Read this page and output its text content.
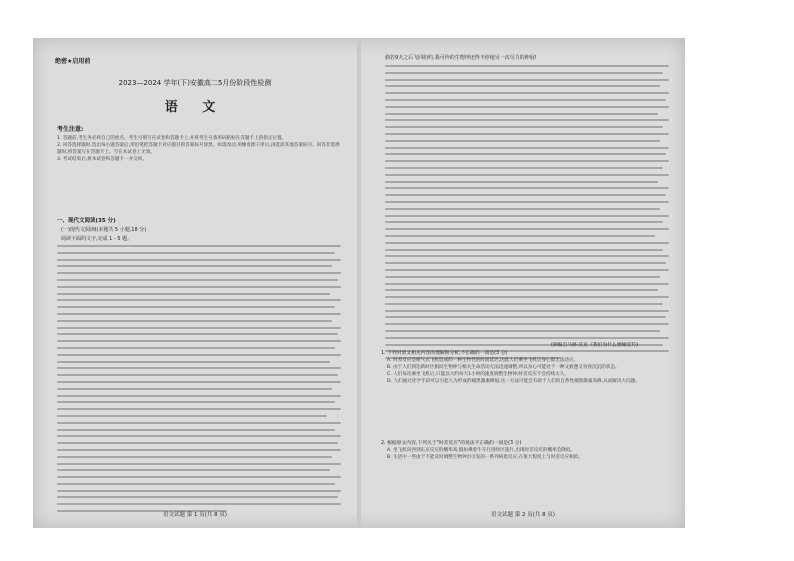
绝密★启用前
2023—2024 学年(下)安徽高二5月份阶段性检测
语 文
考生注意:
1. 答题前,考生务必将自己的姓名、考生号填写在试卷和答题卡上,并将考生号条形码粘贴在答题卡上的指定位置。
2. 回答选择题时,选出每小题答案后,用铅笔把答题卡对应题目的答案标号涂黑。如需改动,用橡皮擦干净后,再选涂其他答案标号。回答非选择题时,将答案写在答题卡上。写在本试卷上无效。
3. 考试结束后,将本试卷和答题卡一并交回。
一、现代文阅读(35 分)
(一)现代文阅读Ⅰ(本题共 5 小题,18 分)
阅读下面的文字,完成 1 - 5 题。
语文试题 第 1 页(共 8 页)
倘若9天之后飞回纽约,我可怜的生物钟还得不停地另一次尽力的伸展!
(摘编自马修·沃克《我们为什么要睡觉?》)
1. 下列对原文相关内容的理解和分析,不正确的一项是(3 分)
A. 时差反应是喷气式飞机造成的一种生物性的时间延迟,因此人们乘坐飞机后身心都无法适应。
B. 由于人们到达新时区相同生物钟与相关生命活动无法迅速调整,所以身心可能处于一种又疲惫又昏昏沉沉的状态。
C. 人们每次乘坐飞机后,只能以大约每天1小时的速度调整生物钟,时差反应不会持续太久。
D. 人们通过化学手段可以引起人为形成的褪黑激素峰值,这一方法可能会有助于人们的自然性褪黑激素高峰,从而解决大问题。
2. 根据原文内容,下列关于"时差反应"的说法不正确的一项是(3 分)
A. 坐飞机向西到东京反应的概率高,假如乘着牛车行进时区旅行,出现时差反应的概率会降低。
B. 生活中一些由于不能及时调整生物钟出引发的一系列病患反应,在很大程度上与时差反应相似。
语文试题 第 2 页(共 8 页)
